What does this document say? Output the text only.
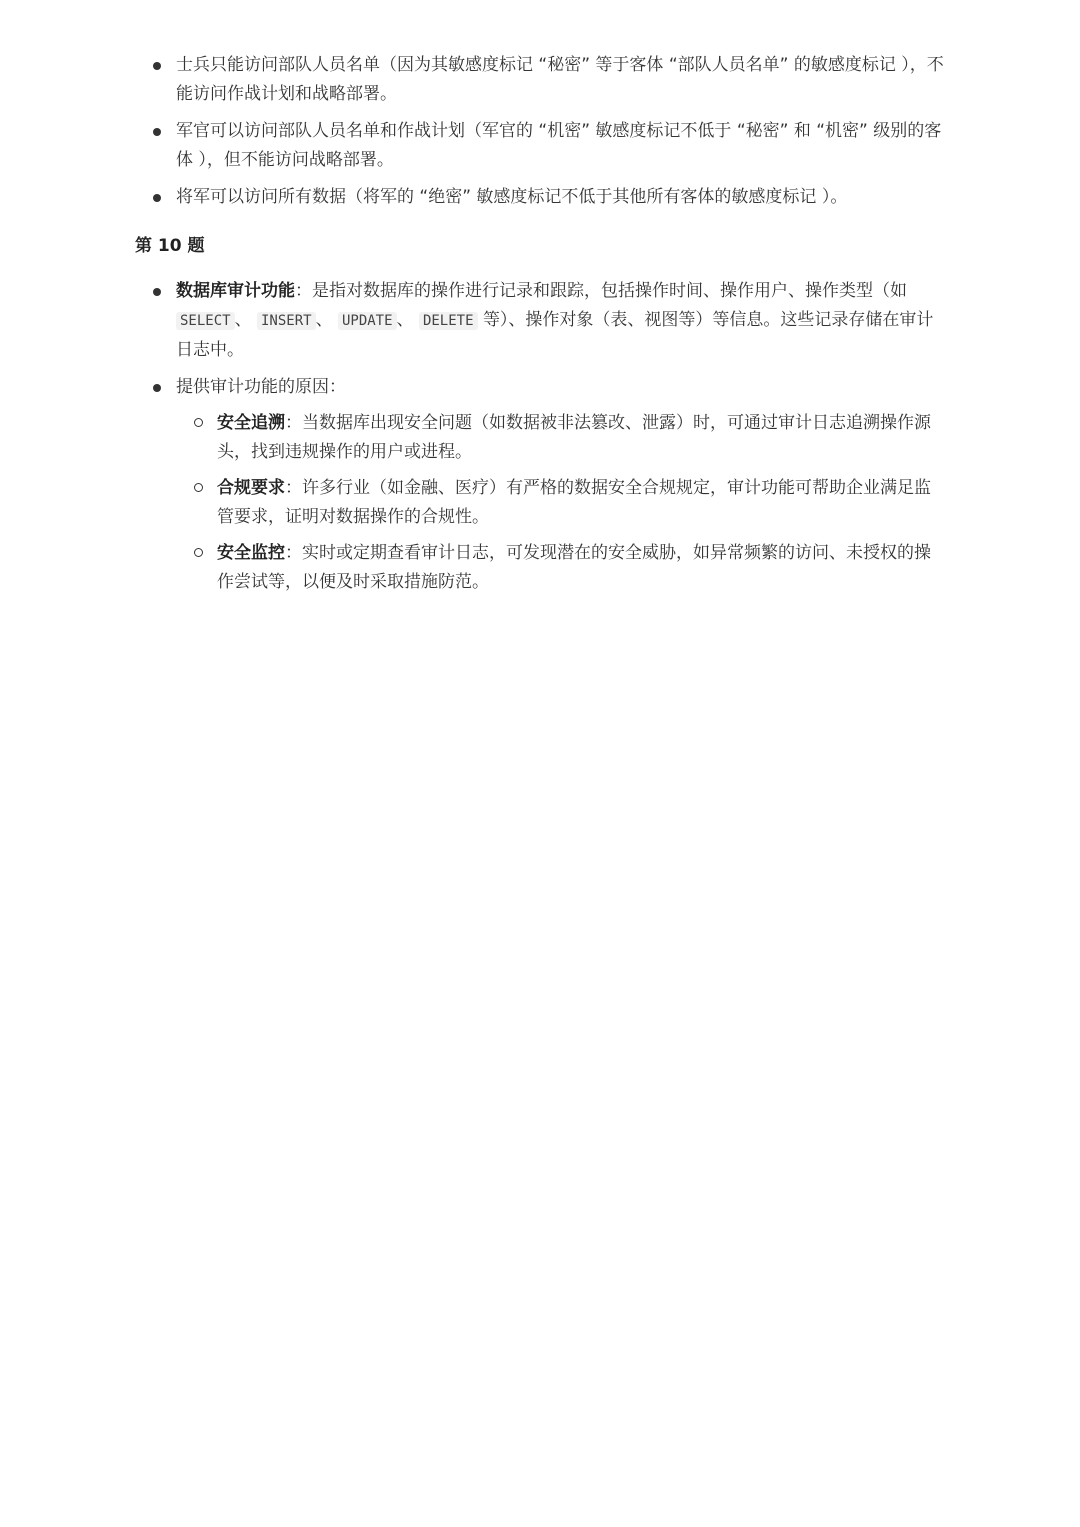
士兵只能访问部队人员名单（因为其敏感度标记 “秘密” 等于客体 “部队人员名单” 的敏感度标记 ），不能访问作战计划和战略部署。
军官可以访问部队人员名单和作战计划（军官的 “机密” 敏感度标记不低于 “秘密” 和 “机密” 级别的客体 ），但不能访问战略部署。
将军可以访问所有数据（将军的 “绝密” 敏感度标记不低于其他所有客体的敏感度标记 ）。
第 10 题
数据库审计功能：是指对数据库的操作进行记录和跟踪，包括操作时间、操作用户、操作类型（如 SELECT 、 INSERT 、 UPDATE 、 DELETE 等）、操作对象（表、视图等）等信息。这些记录存储在审计日志中。
提供审计功能的原因：
安全追溯：当数据库出现安全问题（如数据被非法篡改、泄露）时，可通过审计日志追溯操作源头，找到违规操作的用户或进程。
合规要求：许多行业（如金融、医疗）有严格的数据安全合规规定，审计功能可帮助企业满足监管要求，证明对数据操作的合规性。
安全监控：实时或定期查看审计日志，可发现潜在的安全威胁，如异常频繁的访问、未授权的操作尝试等，以便及时采取措施防范。
